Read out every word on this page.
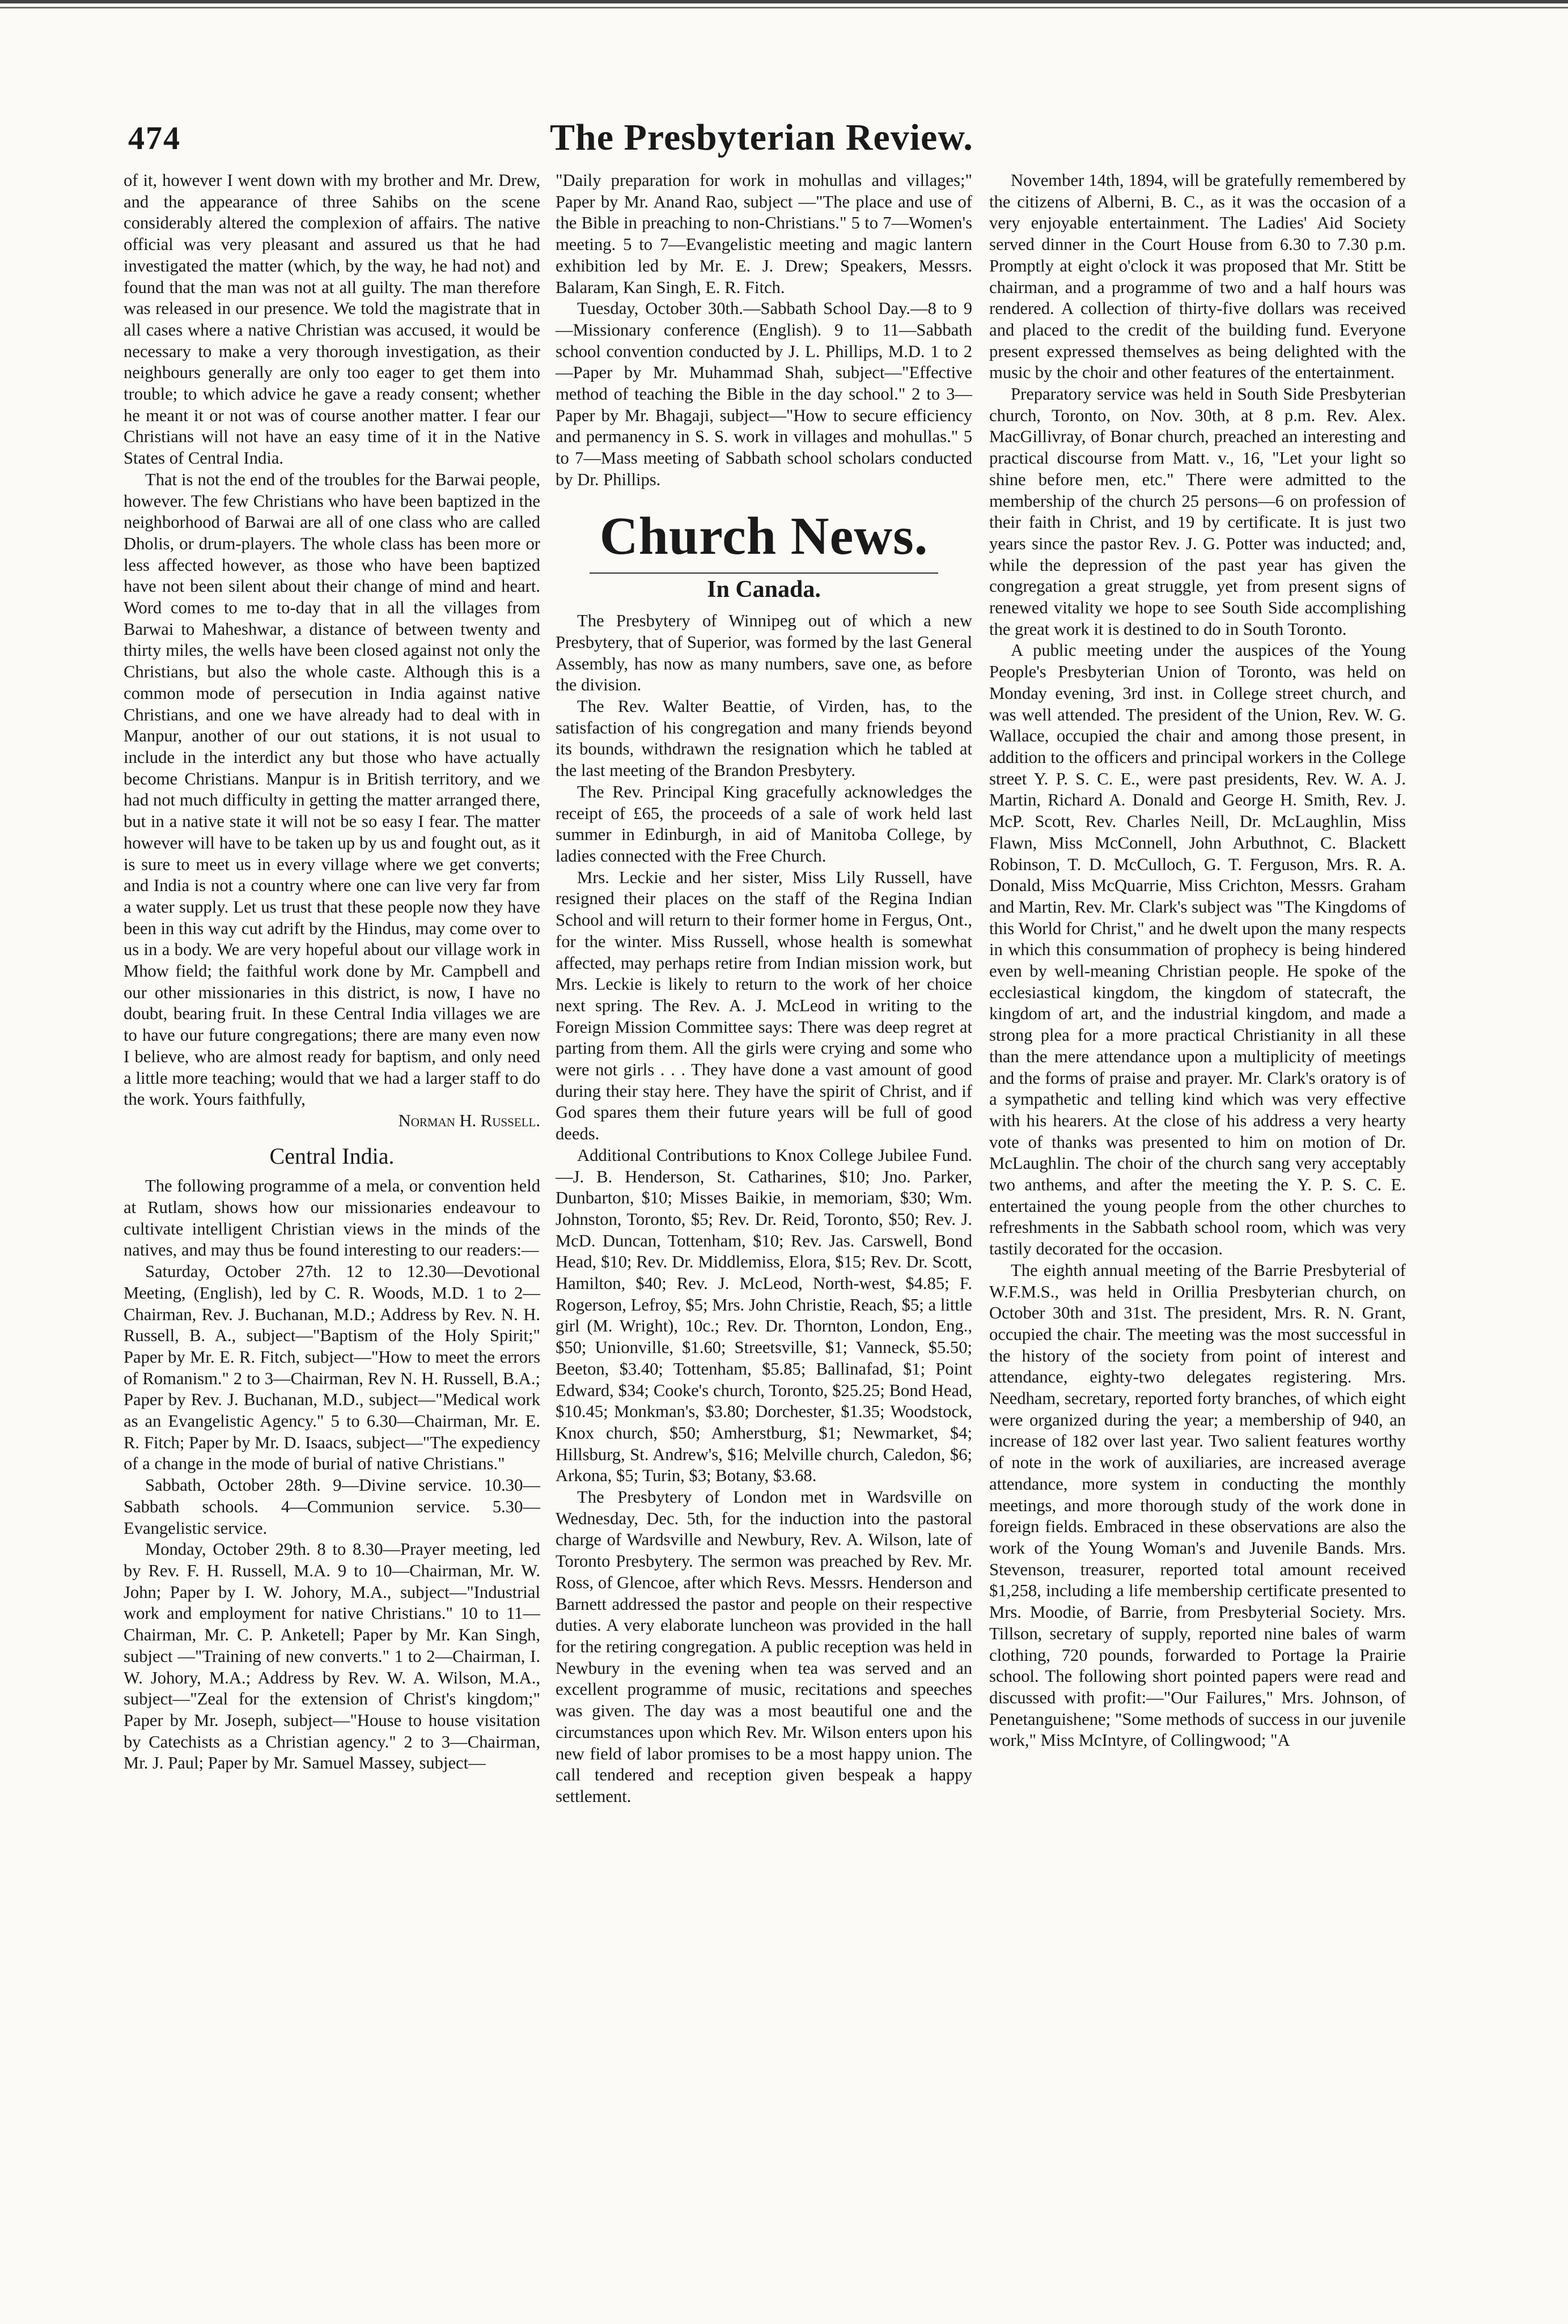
474	The Presbyterian Review.

of it, however I went down with my brother and Mr. Drew, and the appearance of three Sahibs on the scene considerably altered the complexion of affairs. The native official was very pleasant and assured us that he had investigated the matter (which, by the way, he had not) and found that the man was not at all guilty. The man therefore was released in our presence. We told the magistrate that in all cases where a native Christian was accused, it would be necessary to make a very thorough investigation, as their neighbours generally are only too eager to get them into trouble; to which advice he gave a ready consent; whether he meant it or not was of course another matter. I fear our Christians will not have an easy time of it in the Native States of Central India.

That is not the end of the troubles for the Barwai people, however. The few Christians who have been baptized in the neighborhood of Barwai are all of one class who are called Dholis, or drum-players. The whole class has been more or less affected however, as those who have been baptized have not been silent about their change of mind and heart. Word comes to me to-day that in all the villages from Barwai to Maheshwar, a distance of between twenty and thirty miles, the wells have been closed against not only the Christians, but also the whole caste. Although this is a common mode of persecution in India against native Christians, and one we have already had to deal with in Manpur, another of our out stations, it is not usual to include in the interdict any but those who have actually become Christians. Manpur is in British territory, and we had not much difficulty in getting the matter arranged there, but in a native state it will not be so easy I fear. The matter however will have to be taken up by us and fought out, as it is sure to meet us in every village where we get converts; and India is not a country where one can live very far from a water supply. Let us trust that these people now they have been in this way cut adrift by the Hindus, may come over to us in a body. We are very hopeful about our village work in Mhow field; the faithful work done by Mr. Campbell and our other missionaries in this district, is now, I have no doubt, bearing fruit. In these Central India villages we are to have our future congregations; there are many even now I believe, who are almost ready for baptism, and only need a little more teaching; would that we had a larger staff to do the work. Yours faithfully,

Norman H. Russell.

Central India.

The following programme of a mela, or convention held at Rutlam, shows how our missionaries endeavour to cultivate intelligent Christian views in the minds of the natives, and may thus be found interesting to our readers:—

Saturday, October 27th. 12 to 12.30—Devotional Meeting, (English), led by C. R. Woods, M.D. 1 to 2—Chairman, Rev. J. Buchanan, M.D.; Address by Rev. N. H. Russell, B. A., subject—"Baptism of the Holy Spirit;" Paper by Mr. E. R. Fitch, subject—"How to meet the errors of Romanism." 2 to 3—Chairman, Rev N. H. Russell, B.A.; Paper by Rev. J. Buchanan, M.D., subject—"Medical work as an Evangelistic Agency." 5 to 6.30—Chairman, Mr. E. R. Fitch; Paper by Mr. D. Isaacs, subject—"The expediency of a change in the mode of burial of native Christians."

Sabbath, October 28th. 9—Divine service. 10.30—Sabbath schools. 4—Communion service. 5.30—Evangelistic service.

Monday, October 29th. 8 to 8.30—Prayer meeting, led by Rev. F. H. Russell, M.A. 9 to 10—Chairman, Mr. W. John; Paper by I. W. Johory, M.A., subject—"Industrial work and employment for native Christians." 10 to 11—Chairman, Mr. C. P. Anketell; Paper by Mr. Kan Singh, subject —"Training of new converts." 1 to 2—Chairman, I. W. Johory, M.A.; Address by Rev. W. A. Wilson, M.A., subject—"Zeal for the extension of Christ's kingdom;" Paper by Mr. Joseph, subject—"House to house visitation by Catechists as a Christian agency." 2 to 3—Chairman, Mr. J. Paul; Paper by Mr. Samuel Massey, subject—

"Daily preparation for work in mohullas and villages;" Paper by Mr. Anand Rao, subject —"The place and use of the Bible in preaching to non-Christians." 5 to 7—Women's meeting. 5 to 7—Evangelistic meeting and magic lantern exhibition led by Mr. E. J. Drew; Speakers, Messrs. Balaram, Kan Singh, E. R. Fitch.

Tuesday, October 30th.—Sabbath School Day.—8 to 9—Missionary conference (English). 9 to 11—Sabbath school convention conducted by J. L. Phillips, M.D. 1 to 2—Paper by Mr. Muhammad Shah, subject—"Effective method of teaching the Bible in the day school." 2 to 3—Paper by Mr. Bhagaji, subject—"How to secure efficiency and permanency in S. S. work in villages and mohullas." 5 to 7—Mass meeting of Sabbath school scholars conducted by Dr. Phillips.

Church News.
In Canada.

The Presbytery of Winnipeg out of which a new Presbytery, that of Superior, was formed by the last General Assembly, has now as many numbers, save one, as before the division.

The Rev. Walter Beattie, of Virden, has, to the satisfaction of his congregation and many friends beyond its bounds, withdrawn the resignation which he tabled at the last meeting of the Brandon Presbytery.

The Rev. Principal King gracefully acknowledges the receipt of £65, the proceeds of a sale of work held last summer in Edinburgh, in aid of Manitoba College, by ladies connected with the Free Church.

Mrs. Leckie and her sister, Miss Lily Russell, have resigned their places on the staff of the Regina Indian School and will return to their former home in Fergus, Ont., for the winter. Miss Russell, whose health is somewhat affected, may perhaps retire from Indian mission work, but Mrs. Leckie is likely to return to the work of her choice next spring. The Rev. A. J. McLeod in writing to the Foreign Mission Committee says: There was deep regret at parting from them. All the girls were crying and some who were not girls . . . They have done a vast amount of good during their stay here. They have the spirit of Christ, and if God spares them their future years will be full of good deeds.

Additional Contributions to Knox College Jubilee Fund.—J. B. Henderson, St. Catharines, $10; Jno. Parker, Dunbarton, $10; Misses Baikie, in memoriam, $30; Wm. Johnston, Toronto, $5; Rev. Dr. Reid, Toronto, $50; Rev. J. McD. Duncan, Tottenham, $10; Rev. Jas. Carswell, Bond Head, $10; Rev. Dr. Middlemiss, Elora, $15; Rev. Dr. Scott, Hamilton, $40; Rev. J. McLeod, North-west, $4.85; F. Rogerson, Lefroy, $5; Mrs. John Christie, Reach, $5; a little girl (M. Wright), 10c.; Rev. Dr. Thornton, London, Eng., $50; Unionville, $1.60; Streetsville, $1; Vanneck, $5.50; Beeton, $3.40; Tottenham, $5.85; Ballinafad, $1; Point Edward, $34; Cooke's church, Toronto, $25.25; Bond Head, $10.45; Monkman's, $3.80; Dorchester, $1.35; Woodstock, Knox church, $50; Amherstburg, $1; Newmarket, $4; Hillsburg, St. Andrew's, $16; Melville church, Caledon, $6; Arkona, $5; Turin, $3; Botany, $3.68.

The Presbytery of London met in Wardsville on Wednesday, Dec. 5th, for the induction into the pastoral charge of Wardsville and Newbury, Rev. A. Wilson, late of Toronto Presbytery. The sermon was preached by Rev. Mr. Ross, of Glencoe, after which Revs. Messrs. Henderson and Barnett addressed the pastor and people on their respective duties. A very elaborate luncheon was provided in the hall for the retiring congregation. A public reception was held in Newbury in the evening when tea was served and an excellent programme of music, recitations and speeches was given. The day was a most beautiful one and the circumstances upon which Rev. Mr. Wilson enters upon his new field of labor promises to be a most happy union. The call tendered and reception given bespeak a happy settlement.

November 14th, 1894, will be gratefully remembered by the citizens of Alberni, B. C., as it was the occasion of a very enjoyable entertainment. The Ladies' Aid Society served dinner in the Court House from 6.30 to 7.30 p.m. Promptly at eight o'clock it was proposed that Mr. Stitt be chairman, and a programme of two and a half hours was rendered. A collection of thirty-five dollars was received and placed to the credit of the building fund. Everyone present expressed themselves as being delighted with the music by the choir and other features of the entertainment.

Preparatory service was held in South Side Presbyterian church, Toronto, on Nov. 30th, at 8 p.m. Rev. Alex. MacGillivray, of Bonar church, preached an interesting and practical discourse from Matt. v., 16, "Let your light so shine before men, etc." There were admitted to the membership of the church 25 persons—6 on profession of their faith in Christ, and 19 by certificate. It is just two years since the pastor Rev. J. G. Potter was inducted; and, while the depression of the past year has given the congregation a great struggle, yet from present signs of renewed vitality we hope to see South Side accomplishing the great work it is destined to do in South Toronto.

A public meeting under the auspices of the Young People's Presbyterian Union of Toronto, was held on Monday evening, 3rd inst. in College street church, and was well attended. The president of the Union, Rev. W. G. Wallace, occupied the chair and among those present, in addition to the officers and principal workers in the College street Y. P. S. C. E., were past presidents, Rev. W. A. J. Martin, Richard A. Donald and George H. Smith, Rev. J. McP. Scott, Rev. Charles Neill, Dr. McLaughlin, Miss Flawn, Miss McConnell, John Arbuthnot, C. Blackett Robinson, T. D. McCulloch, G. T. Ferguson, Mrs. R. A. Donald, Miss McQuarrie, Miss Crichton, Messrs. Graham and Martin, Rev. Mr. Clark's subject was "The Kingdoms of this World for Christ," and he dwelt upon the many respects in which this consummation of prophecy is being hindered even by well-meaning Christian people. He spoke of the ecclesiastical kingdom, the kingdom of statecraft, the kingdom of art, and the industrial kingdom, and made a strong plea for a more practical Christianity in all these than the mere attendance upon a multiplicity of meetings and the forms of praise and prayer. Mr. Clark's oratory is of a sympathetic and telling kind which was very effective with his hearers. At the close of his address a very hearty vote of thanks was presented to him on motion of Dr. McLaughlin. The choir of the church sang very acceptably two anthems, and after the meeting the Y. P. S. C. E. entertained the young people from the other churches to refreshments in the Sabbath school room, which was very tastily decorated for the occasion.

The eighth annual meeting of the Barrie Presbyterial of W.F.M.S., was held in Orillia Presbyterian church, on October 30th and 31st. The president, Mrs. R. N. Grant, occupied the chair. The meeting was the most successful in the history of the society from point of interest and attendance, eighty-two delegates registering. Mrs. Needham, secretary, reported forty branches, of which eight were organized during the year; a membership of 940, an increase of 182 over last year. Two salient features worthy of note in the work of auxiliaries, are increased average attendance, more system in conducting the monthly meetings, and more thorough study of the work done in foreign fields. Embraced in these observations are also the work of the Young Woman's and Juvenile Bands. Mrs. Stevenson, treasurer, reported total amount received $1,258, including a life membership certificate presented to Mrs. Moodie, of Barrie, from Presbyterial Society. Mrs. Tillson, secretary of supply, reported nine bales of warm clothing, 720 pounds, forwarded to Portage la Prairie school. The following short pointed papers were read and discussed with profit:—"Our Failures," Mrs. Johnson, of Penetanguishene; "Some methods of success in our juvenile work," Miss McIntyre, of Collingwood; "A
